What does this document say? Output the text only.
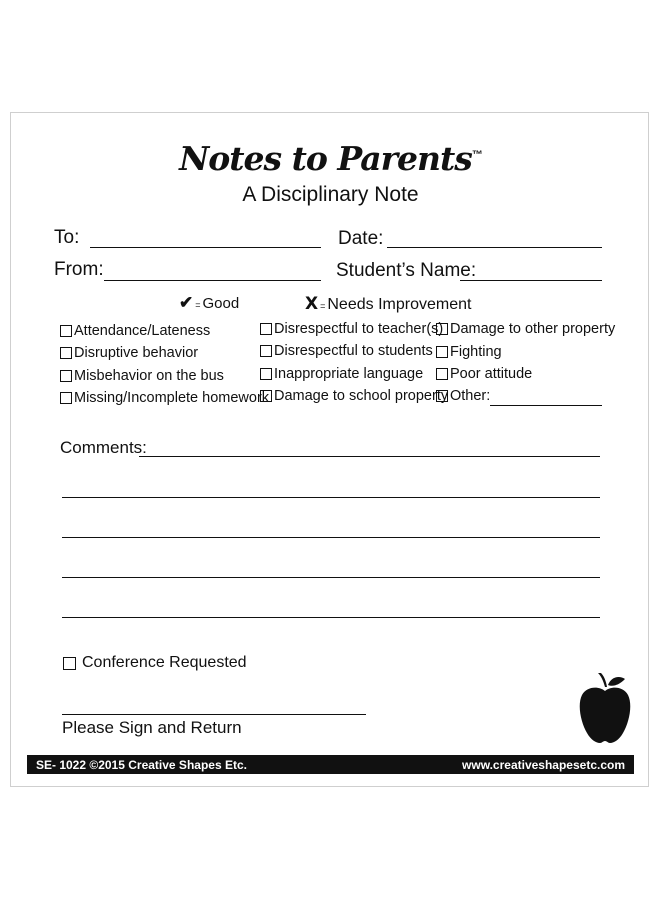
Notes to Parents™
A Disciplinary Note
To:	Date:
From:	Student’s Name:
✔ = Good	X = Needs Improvement
Attendance/Lateness
Disruptive behavior
Misbehavior on the bus
Missing/Incomplete homework
Disrespectful to teacher(s)
Disrespectful to students
Inappropriate language
Damage to school property
Damage to other property
Fighting
Poor attitude
Other:
Comments:
Conference Requested
Please Sign and Return
SE- 1022 ©2015 Creative Shapes Etc.	www.creativeshapesetc.com
